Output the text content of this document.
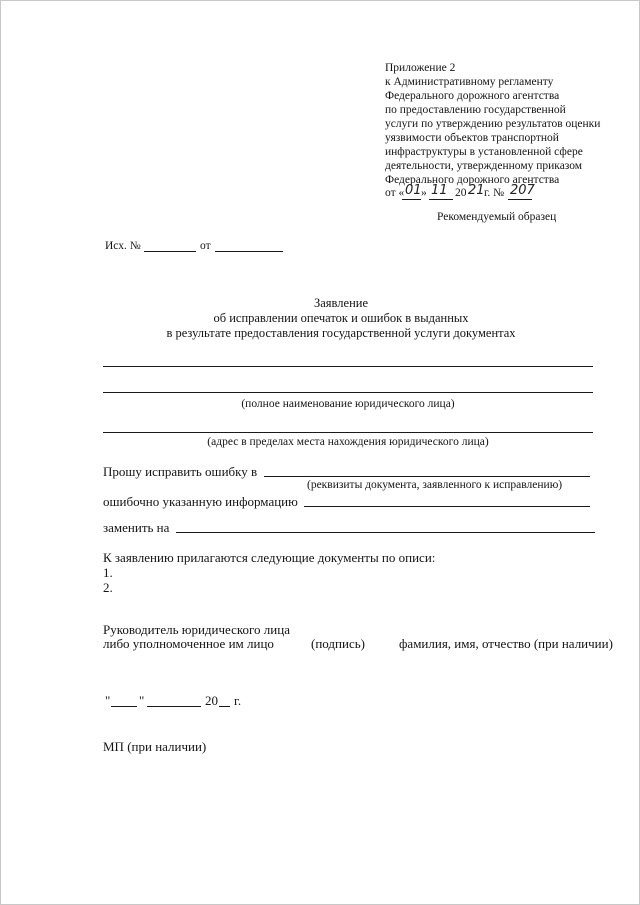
Приложение 2
к Административному регламенту
Федерального дорожного агентства
по предоставлению государственной
услуги по утверждению результатов оценки
уязвимости объектов транспортной
инфраструктуры в установленной сфере
деятельности, утвержденному приказом
Федерального дорожного агентства
от « 01 » 11 20 21 г. № 207
Рекомендуемый образец
Исх. №	от
Заявление
об исправлении опечаток и ошибок в выданных
в результате предоставления государственной услуги документах
(полное наименование юридического лица)
(адрес в пределах места нахождения юридического лица)
Прошу исправить ошибку в
(реквизиты документа, заявленного к исправлению)
ошибочно указанную информацию
заменить на
К заявлению прилагаются следующие документы по описи:
1.
2.
Руководитель юридического лица
либо уполномоченное им лицо	(подпись)	фамилия, имя, отчество (при наличии)
" "	20 г.
МП (при наличии)
